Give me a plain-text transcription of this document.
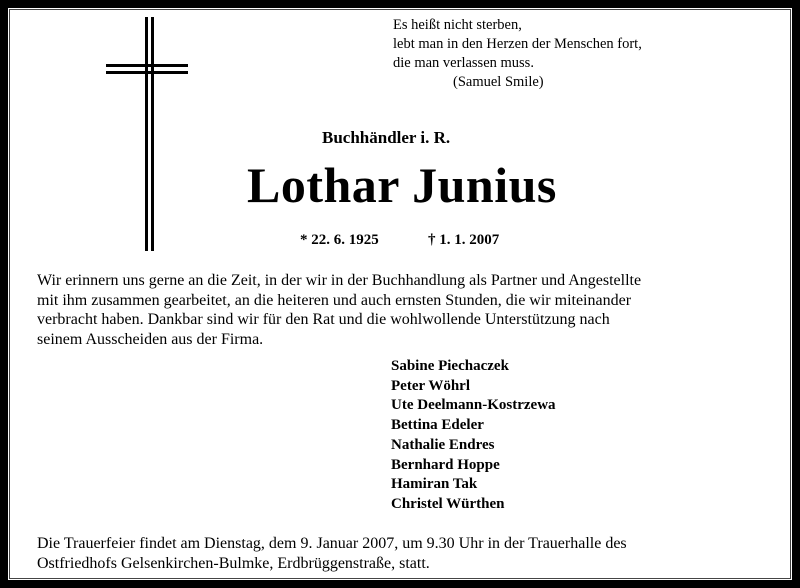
Es heißt nicht sterben,
lebt man in den Herzen der Menschen fort,
die man verlassen muss.
(Samuel Smile)
Buchhändler i. R.
Lothar Junius
* 22. 6. 1925	† 1. 1. 2007
Wir erinnern uns gerne an die Zeit, in der wir in der Buchhandlung als Partner und Angestellte
mit ihm zusammen gearbeitet, an die heiteren und auch ernsten Stunden, die wir miteinander
verbracht haben. Dankbar sind wir für den Rat und die wohlwollende Unterstützung nach
seinem Ausscheiden aus der Firma.
Sabine Piechaczek
Peter Wöhrl
Ute Deelmann-Kostrzewa
Bettina Edeler
Nathalie Endres
Bernhard Hoppe
Hamiran Tak
Christel Würthen
Die Trauerfeier findet am Dienstag, dem 9. Januar 2007, um 9.30 Uhr in der Trauerhalle des
Ostfriedhofs Gelsenkirchen-Bulmke, Erdbrüggenstraße, statt.
